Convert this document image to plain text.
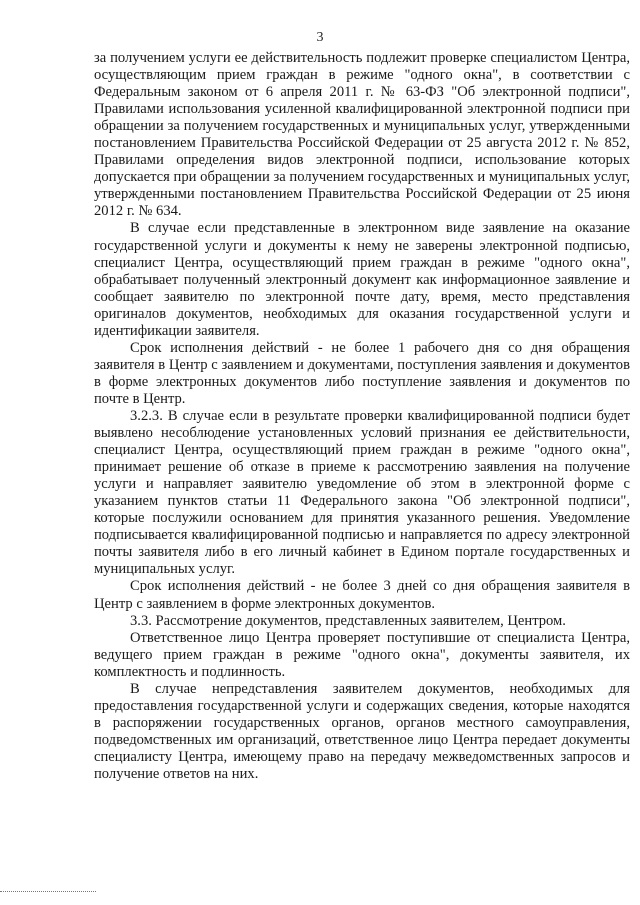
3

за получением услуги ее действительность подлежит проверке специалистом Центра, осуществляющим прием граждан в режиме "одного окна", в соответствии с Федеральным законом от 6 апреля 2011 г. № 63-ФЗ "Об электронной подписи", Правилами использования усиленной квалифицированной электронной подписи при обращении за получением государственных и муниципальных услуг, утвержденными постановлением Правительства Российской Федерации от 25 августа 2012 г. № 852, Правилами определения видов электронной подписи, использование которых допускается при обращении за получением государственных и муниципальных услуг, утвержденными постановлением Правительства Российской Федерации от 25 июня 2012 г. № 634.

В случае если представленные в электронном виде заявление на оказание государственной услуги и документы к нему не заверены электронной подписью, специалист Центра, осуществляющий прием граждан в режиме "одного окна", обрабатывает полученный электронный документ как информационное заявление и сообщает заявителю по электронной почте дату, время, место представления оригиналов документов, необходимых для оказания государственной услуги и идентификации заявителя.

Срок исполнения действий - не более 1 рабочего дня со дня обращения заявителя в Центр с заявлением и документами, поступления заявления и документов в форме электронных документов либо поступление заявления и документов по почте в Центр.

3.2.3. В случае если в результате проверки квалифицированной подписи будет выявлено несоблюдение установленных условий признания ее действительности, специалист Центра, осуществляющий прием граждан в режиме "одного окна", принимает решение об отказе в приеме к рассмотрению заявления на получение услуги и направляет заявителю уведомление об этом в электронной форме с указанием пунктов статьи 11 Федерального закона "Об электронной подписи", которые послужили основанием для принятия указанного решения. Уведомление подписывается квалифицированной подписью и направляется по адресу электронной почты заявителя либо в его личный кабинет в Едином портале государственных и муниципальных услуг.

Срок исполнения действий - не более 3 дней со дня обращения заявителя в Центр с заявлением в форме электронных документов.

3.3. Рассмотрение документов, представленных заявителем, Центром.

Ответственное лицо Центра проверяет поступившие от специалиста Центра, ведущего прием граждан в режиме "одного окна", документы заявителя, их комплектность и подлинность.

В случае непредставления заявителем документов, необходимых для предоставления государственной услуги и содержащих сведения, которые находятся в распоряжении государственных органов, органов местного самоуправления, подведомственных им организаций, ответственное лицо Центра передает документы специалисту Центра, имеющему право на передачу межведомственных запросов и получение ответов на них.
